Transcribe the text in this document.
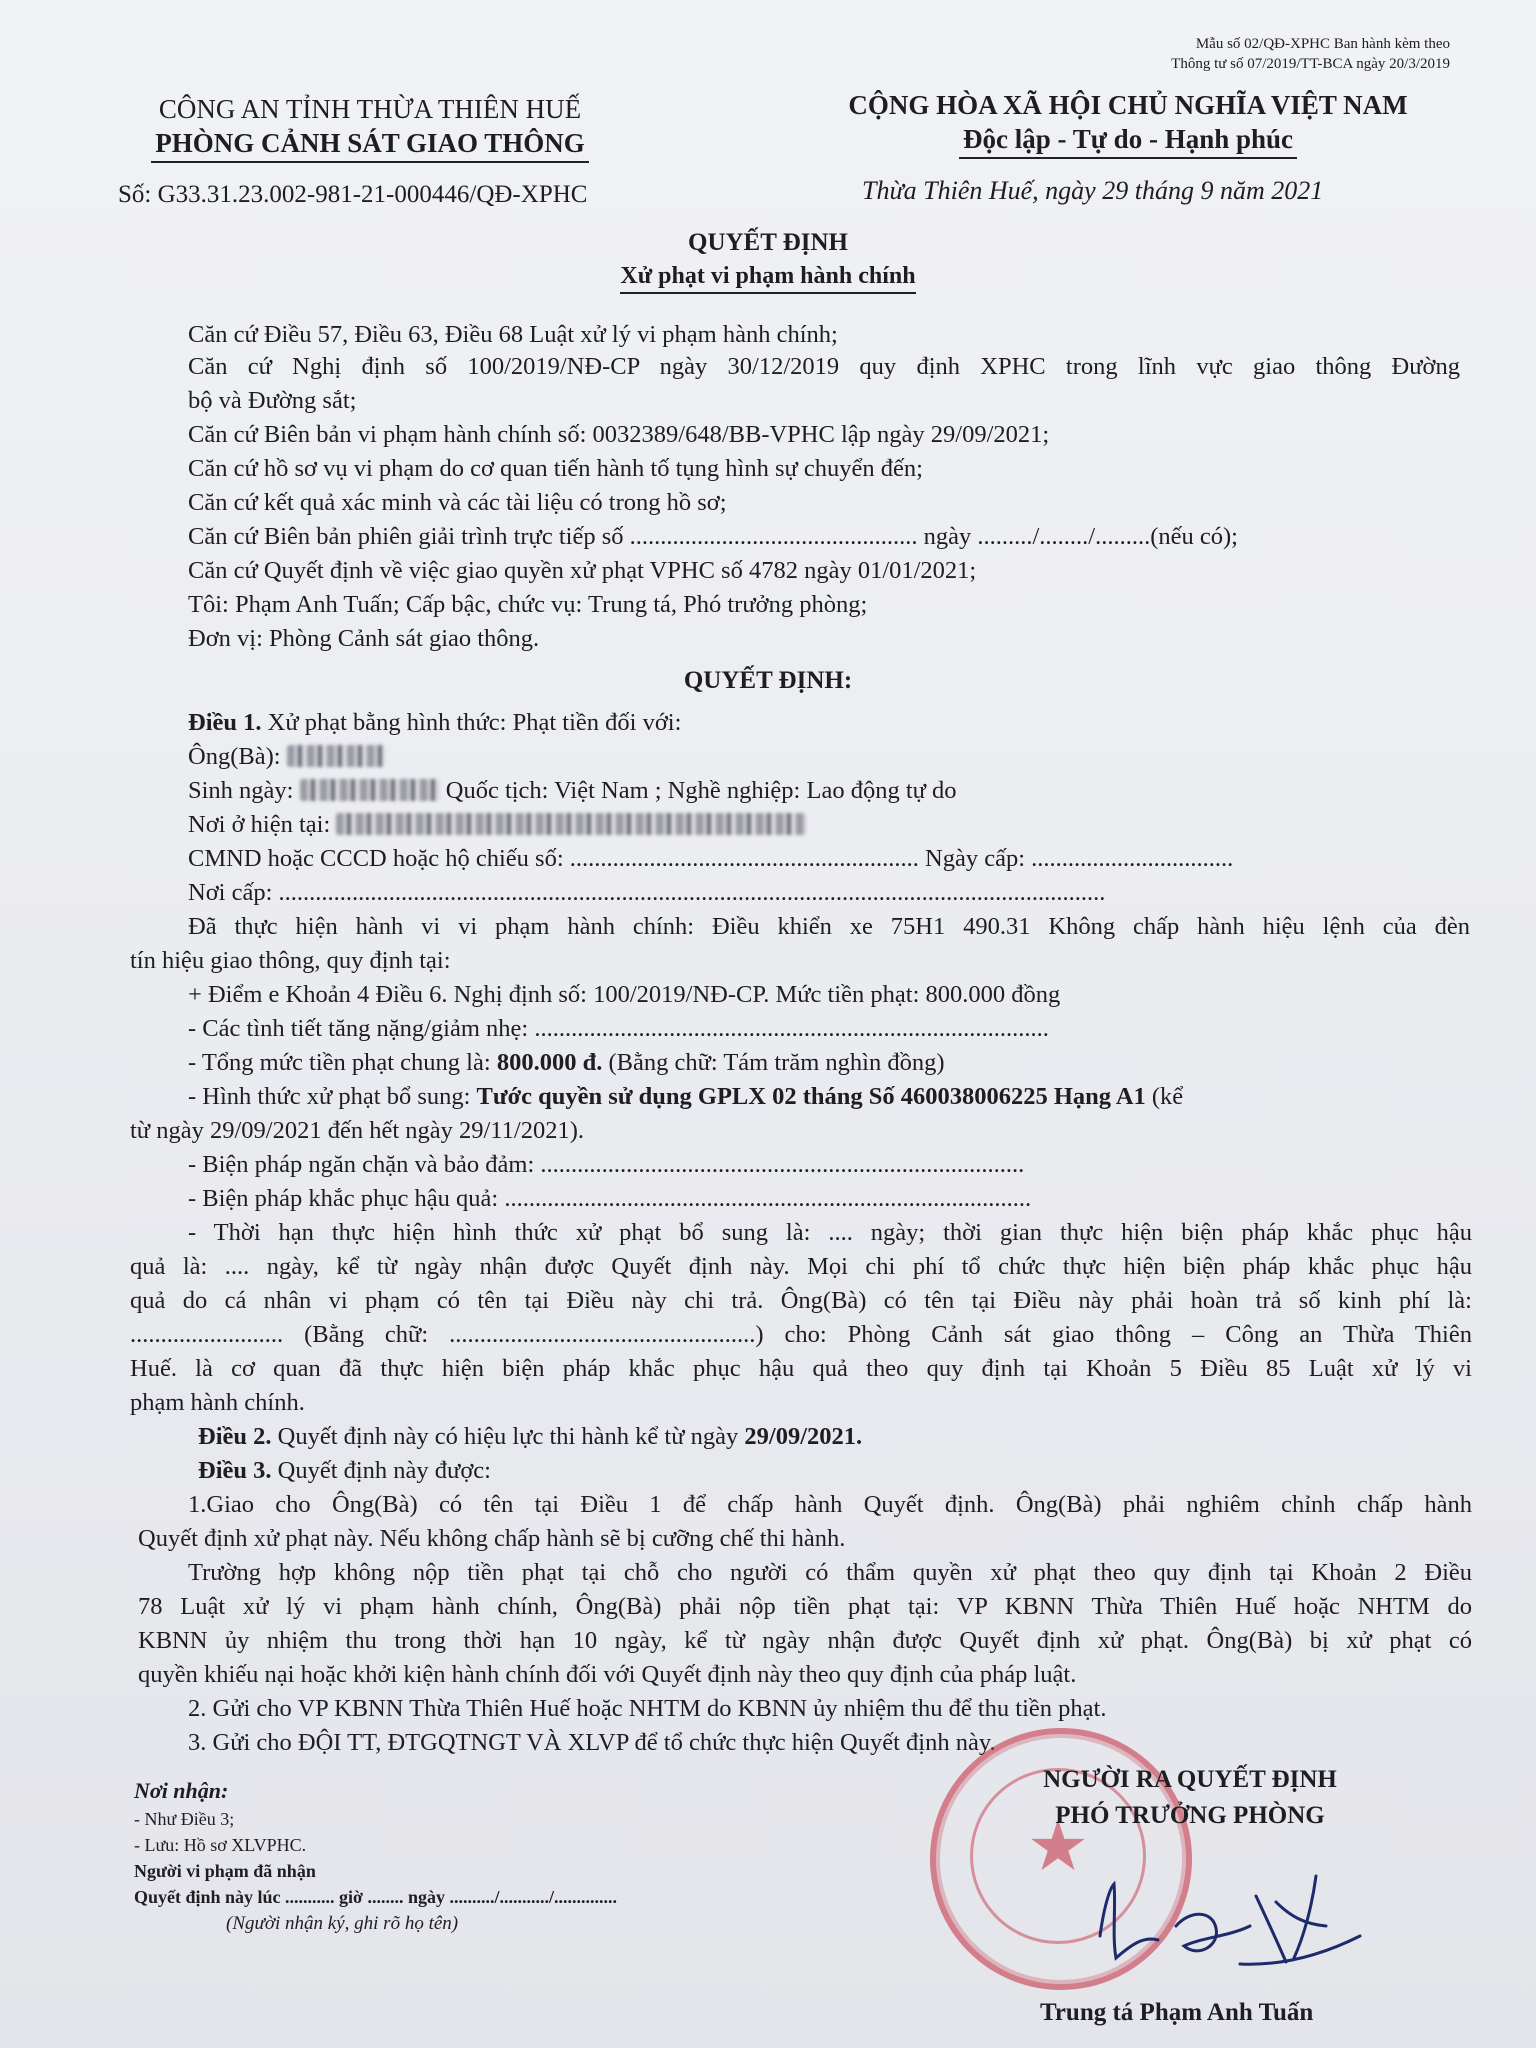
Mẫu số 02/QĐ-XPHC Ban hành kèm theo
Thông tư số 07/2019/TT-BCA ngày 20/3/2019
CÔNG AN TỈNH THỪA THIÊN HUẾ
PHÒNG CẢNH SÁT GIAO THÔNG
Số: G33.31.23.002-981-21-000446/QĐ-XPHC
CỘNG HÒA XÃ HỘI CHỦ NGHĨA VIỆT NAM
Độc lập - Tự do - Hạnh phúc
Thừa Thiên Huế, ngày 29 tháng 9 năm 2021
QUYẾT ĐỊNH
Xử phạt vi phạm hành chính
Căn cứ Điều 57, Điều 63, Điều 68 Luật xử lý vi phạm hành chính;
Căn cứ Nghị định số 100/2019/NĐ-CP ngày 30/12/2019 quy định XPHC trong lĩnh vực giao thông Đường
bộ và Đường sắt;
Căn cứ Biên bản vi phạm hành chính số: 0032389/648/BB-VPHC lập ngày 29/09/2021;
Căn cứ hồ sơ vụ vi phạm do cơ quan tiến hành tố tụng hình sự chuyển đến;
Căn cứ kết quả xác minh và các tài liệu có trong hồ sơ;
Căn cứ Biên bản phiên giải trình trực tiếp số ............................................... ngày ........./......../.........(nếu có);
Căn cứ Quyết định về việc giao quyền xử phạt VPHC số 4782 ngày 01/01/2021;
Tôi: Phạm Anh Tuấn; Cấp bậc, chức vụ: Trung tá, Phó trưởng phòng;
Đơn vị: Phòng Cảnh sát giao thông.
QUYẾT ĐỊNH:
Điều 1. Xử phạt bằng hình thức: Phạt tiền đối với:
Ông(Bà):
Sinh ngày:	Quốc tịch: Việt Nam ; Nghề nghiệp: Lao động tự do
Nơi ở hiện tại:
CMND hoặc CCCD hoặc hộ chiếu số: ......................................................... Ngày cấp: .................................
Nơi cấp: .......................................................................................................................................
Đã thực hiện hành vi vi phạm hành chính: Điều khiển xe 75H1 490.31 Không chấp hành hiệu lệnh của đèn
tín hiệu giao thông, quy định tại:
+ Điểm e Khoản 4 Điều 6. Nghị định số: 100/2019/NĐ-CP. Mức tiền phạt: 800.000 đồng
- Các tình tiết tăng nặng/giảm nhẹ: ....................................................................................
- Tổng mức tiền phạt chung là: 800.000 đ. (Bằng chữ: Tám trăm nghìn đồng)
- Hình thức xử phạt bổ sung: Tước quyền sử dụng GPLX 02 tháng Số 460038006225 Hạng A1 (kể
từ ngày 29/09/2021 đến hết ngày 29/11/2021).
- Biện pháp ngăn chặn và bảo đảm: ...............................................................................
- Biện pháp khắc phục hậu quả: ......................................................................................
- Thời hạn thực hiện hình thức xử phạt bổ sung là: .... ngày; thời gian thực hiện biện pháp khắc phục hậu
quả là: .... ngày, kể từ ngày nhận được Quyết định này. Mọi chi phí tổ chức thực hiện biện pháp khắc phục hậu
quả do cá nhân vi phạm có tên tại Điều này chi trả. Ông(Bà) có tên tại Điều này phải hoàn trả số kinh phí là:
......................... (Bằng chữ: ..................................................) cho: Phòng Cảnh sát giao thông – Công an Thừa Thiên
Huế. là cơ quan đã thực hiện biện pháp khắc phục hậu quả theo quy định tại Khoản 5 Điều 85 Luật xử lý vi
phạm hành chính.
Điều 2. Quyết định này có hiệu lực thi hành kể từ ngày 29/09/2021.
Điều 3. Quyết định này được:
1.Giao cho Ông(Bà) có tên tại Điều 1 để chấp hành Quyết định. Ông(Bà) phải nghiêm chỉnh chấp hành
Quyết định xử phạt này. Nếu không chấp hành sẽ bị cưỡng chế thi hành.
Trường hợp không nộp tiền phạt tại chỗ cho người có thẩm quyền xử phạt theo quy định tại Khoản 2 Điều
78 Luật xử lý vi phạm hành chính, Ông(Bà) phải nộp tiền phạt tại: VP KBNN Thừa Thiên Huế hoặc NHTM do
KBNN ủy nhiệm thu trong thời hạn 10 ngày, kể từ ngày nhận được Quyết định xử phạt. Ông(Bà) bị xử phạt có
quyền khiếu nại hoặc khởi kiện hành chính đối với Quyết định này theo quy định của pháp luật.
2. Gửi cho VP KBNN Thừa Thiên Huế hoặc NHTM do KBNN ủy nhiệm thu để thu tiền phạt.
3. Gửi cho ĐỘI TT, ĐTGQTNGT VÀ XLVP để tổ chức thực hiện Quyết định này.
Nơi nhận:
- Như Điều 3;
- Lưu: Hồ sơ XLVPHC.
Người vi phạm đã nhận
Quyết định này lúc ........... giờ ........ ngày ........../.........../..............
(Người nhận ký, ghi rõ họ tên)
★
NGƯỜI RA QUYẾT ĐỊNH
PHÓ TRƯỞNG PHÒNG
Trung tá Phạm Anh Tuấn
